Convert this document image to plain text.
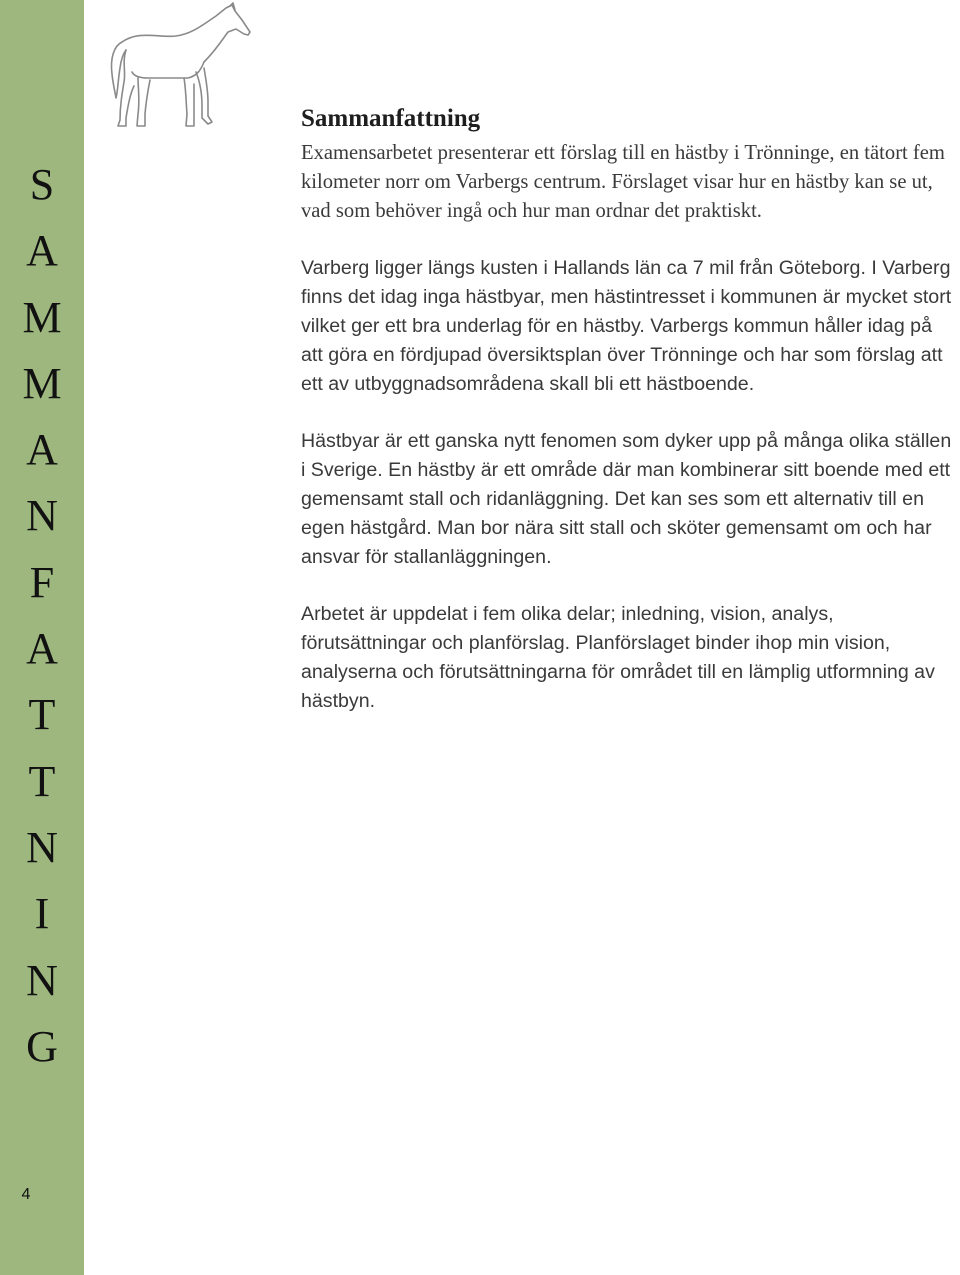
S
A
M
M
A
N
F
A
T
T
N
I
N
G
4
Sammanfattning

Examensarbetet presenterar ett förslag till en hästby i Trönninge, en tätort fem kilometer norr om Varbergs centrum. Förslaget visar hur en hästby kan se ut, vad som behöver ingå och hur man ordnar det praktiskt.

Varberg ligger längs kusten i Hallands län ca 7 mil från Göteborg. I Varberg finns det idag inga hästbyar, men hästintresset i kommunen är mycket stort vilket ger ett bra underlag för en hästby. Varbergs kommun håller idag på att göra en fördjupad översiktsplan över Trönninge och har som förslag att ett av utbyggnadsområdena skall bli ett hästboende.

Hästbyar är ett ganska nytt fenomen som dyker upp på många olika ställen i Sverige. En hästby är ett område där man kombinerar sitt boende med ett gemensamt stall och ridanläggning. Det kan ses som ett alternativ till en egen hästgård. Man bor nära sitt stall och sköter gemensamt om och har ansvar för stallanläggningen.

Arbetet är uppdelat i fem olika delar; inledning, vision, analys, förutsättningar och planförslag. Planförslaget binder ihop min vision, analyserna och förutsättningarna för området till en lämplig utformning av hästbyn.
